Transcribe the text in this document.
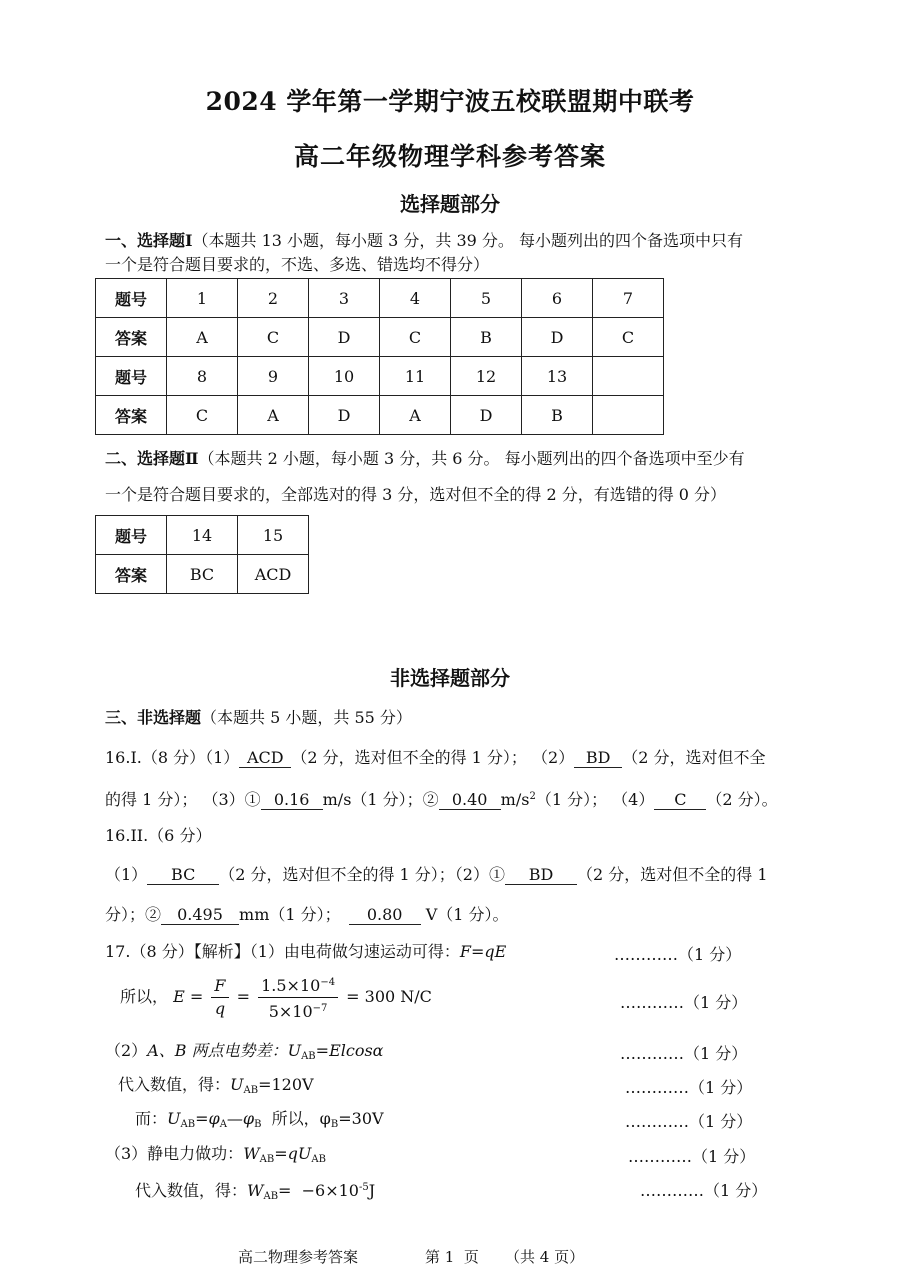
2024 学年第一学期宁波五校联盟期中联考
高二年级物理学科参考答案
选择题部分
一、选择题Ⅰ（本题共 13 小题，每小题 3 分，共 39 分。 每小题列出的四个备选项中只有
一个是符合题目要求的，不选、多选、错选均不得分）
题号	1	2	3	4	5	6	7
答案	A	C	D	C	B	D	C
题号	8	9	10	11	12	13	
答案	C	A	D	A	D	B	
二、选择题Ⅱ（本题共 2 小题，每小题 3 分，共 6 分。 每小题列出的四个备选项中至少有
一个是符合题目要求的，全部选对的得 3 分，选对但不全的得 2 分，有选错的得 0 分）
题号	14	15
答案	BC	ACD
非选择题部分
三、非选择题（本题共 5 小题，共 55 分）
16.I.（8 分）（1） ACD （2 分，选对但不全的得 1 分）； （2） BD （2 分，选对但不全
的得 1 分）； （3）① 0.16 m/s（1 分）；② 0.40 $m/s^2(1$ 分）； （4） C （2 分）。
16.II.（6 分）
（1） BC （2 分，选对但不全的得 1 分）；（2）① BD （2 分，选对但不全的得 1
分）；② 0.495 mm（1 分）； 0.80 V（1 分）。
17.（8 分）【解析】（1）由电荷做匀速运动可得：F=qE	…………（1 分）
所以， $E = \frac{F}{q} = \frac{1.5\times 10^{-4}}{5\times 10^{-7}} = 300$ N/C	…………（1 分）
（2）A、B 两点电势差：$U_{AB}=Elcos\alpha$	…………（1 分）
代入数值，得：$U_{AB}=120V$	…………（1 分）
而：$U_{AB}=\varphi_A—\varphi_B$  所以，$\varphi_B=30V$	…………（1 分）
（3）静电力做功：$W_{AB}=qU_{AB}$	…………（1 分）
代入数值，得：$W_{AB}= -6\times 10^{-5}J$	…………（1 分）
高二物理参考答案	第 1  页 （共 4 页）
